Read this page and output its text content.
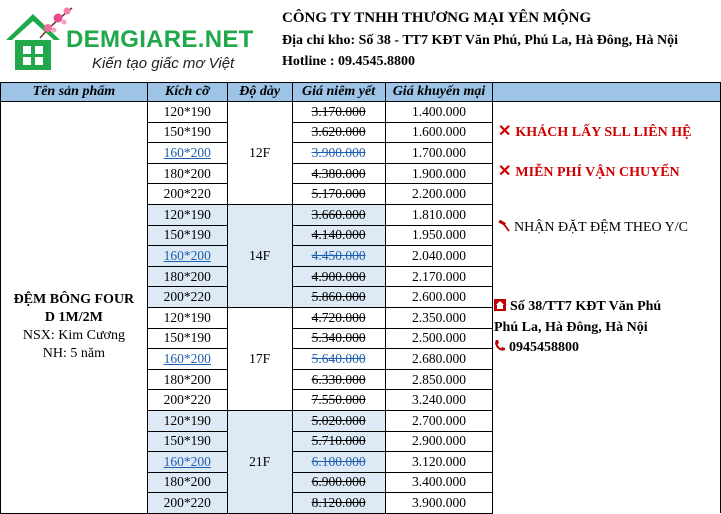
DEMGIARE.NET
Kiến tạo giấc mơ Việt
CÔNG TY TNHH THƯƠNG MẠI YÊN MỘNG
Địa chỉ kho: Số 38 - TT7 KĐT Văn Phú, Phú La, Hà Đông, Hà Nội
Hotline : 09.4545.8800
Tên sản phẩm	Kích cỡ	Độ dày	Giá niêm yết	Giá khuyến mại	

ĐỆM BÔNG FOUR
D 1M/2M
NSX: Kim Cương
NH: 5 năm	120*190	12F	3.170.000	1.400.000	
	150*190		3.620.000	1.600.000	
	160*200		3.900.000	1.700.000	
	180*200		4.380.000	1.900.000	
	200*220		5.170.000	2.200.000	
	120*190	14F	3.660.000	1.810.000	
	150*190		4.140.000	1.950.000	
	160*200		4.450.000	2.040.000	
	180*200		4.900.000	2.170.000	
	200*220		5.860.000	2.600.000	
	120*190	17F	4.720.000	2.350.000	
	150*190		5.340.000	2.500.000	
	160*200		5.640.000	2.680.000	
	180*200		6.330.000	2.850.000	
	200*220		7.550.000	3.240.000	
	120*190	21F	5.020.000	2.700.000	
	150*190		5.710.000	2.900.000	
	160*200		6.100.000	3.120.000	
	180*200		6.900.000	3.400.000	
	200*220		8.120.000	3.900.000	
✕ KHÁCH LẤY SLL LIÊN HỆ
✕ MIỄN PHÍ VẬN CHUYỂN
NHẬN ĐẶT ĐỆM THEO Y/C
Số 38/TT7 KĐT Văn Phú
Phú La, Hà Đông, Hà Nội
0945458800
